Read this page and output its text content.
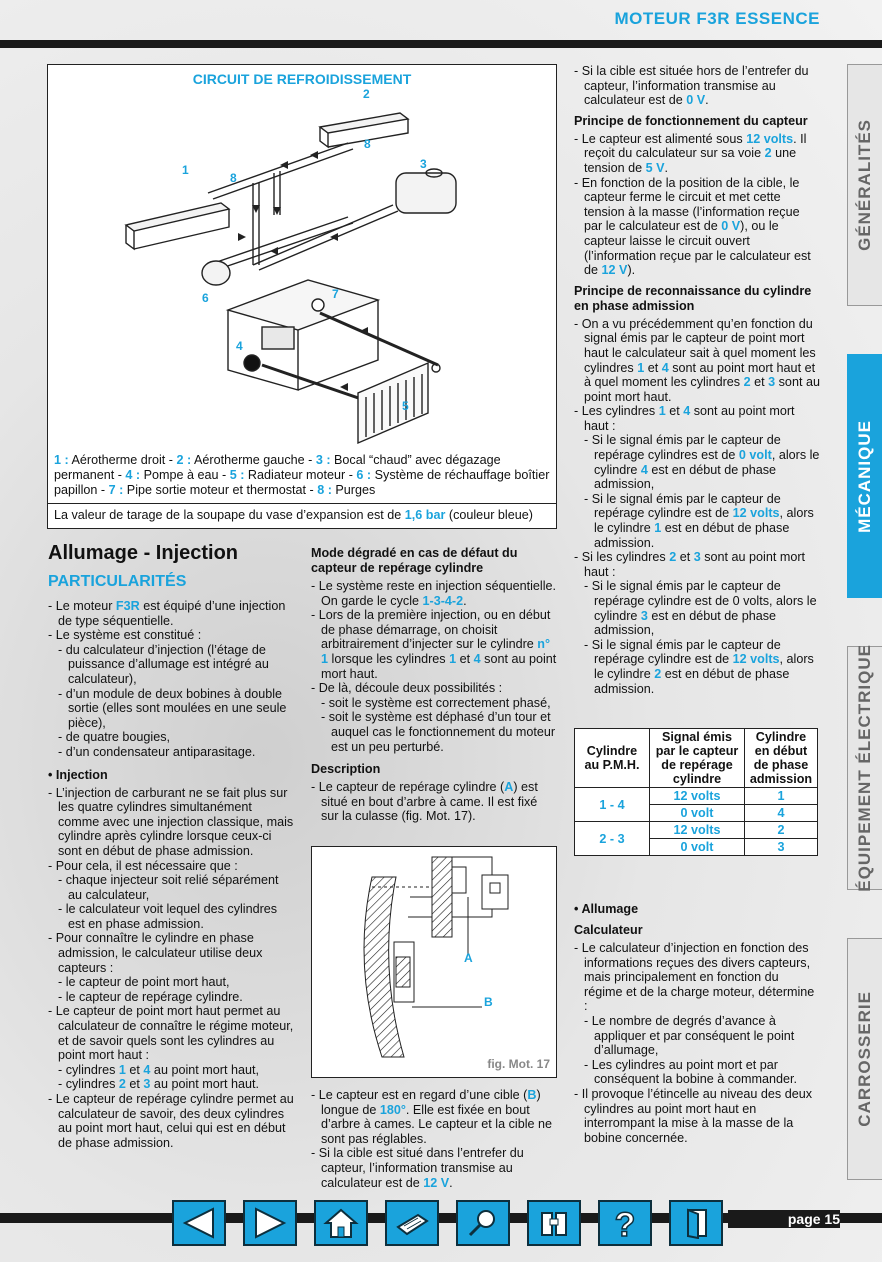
MOTEUR F3R ESSENCE
GÉNÉRALITÉS
MÉCANIQUE
ÉQUIPEMENT ÉLECTRIQUE
CARROSSERIE
CIRCUIT DE REFROIDISSEMENT
2
8
3
1
8
6	7
4
5
1 : Aérotherme droit - 2 : Aérotherme gauche - 3 : Bocal “chaud” avec dégazage permanent - 4 : Pompe à eau - 5 : Radiateur moteur - 6 : Système de réchauffage boîtier papillon - 7 : Pipe sortie moteur et thermostat - 8 : Purges
La valeur de tarage de la soupape du vase d’expansion est de 1,6 bar (couleur bleue)
Allumage - Injection
PARTICULARITÉS

- Le moteur F3R est équipé d’une injection de type séquentielle.

- Le système est constitué :

- du calculateur d’injection (l’étage de puissance d’allumage est intégré au calculateur),

- d’un module de deux bobines à double sortie (elles sont moulées en une seule pièce),

- de quatre bougies,

- d’un condensateur antiparasitage.

• Injection

- L’injection de carburant ne se fait plus sur les quatre cylindres simultanément comme avec une injection classique, mais cylindre après cylindre lorsque ceux-ci sont en début de phase admission.

- Pour cela, il est nécessaire que :

- chaque injecteur soit relié séparément au calculateur,

- le calculateur voit lequel des cylindres est en phase admission.

- Pour connaître le cylindre en phase admission, le calculateur utilise deux capteurs :

- le capteur de point mort haut,

- le capteur de repérage cylindre.

- Le capteur de point mort haut permet au calculateur de connaître le régime moteur, et de savoir quels sont les cylindres au point mort haut :

- cylindres 1 et 4 au point mort haut,

- cylindres 2 et 3 au point mort haut.

- Le capteur de repérage cylindre permet au calculateur de savoir, des deux cylindres au point mort haut, celui qui est en début de phase admission.

Mode dégradé en cas de défaut du capteur de repérage cylindre

- Le système reste en injection séquentielle. On garde le cycle 1-3-4-2.

- Lors de la première injection, ou en début de phase démarrage, on choisit arbitrairement d’injecter sur le cylindre n° 1 lorsque les cylindres 1 et 4 sont au point mort haut.

- De là, découle deux possibilités :

- soit le système est correctement phasé,

- soit le système est déphasé d’un tour et auquel cas le fonctionnement du moteur est un peu perturbé.

Description

- Le capteur de repérage cylindre (A) est situé en bout d’arbre à came. Il est fixé sur la culasse (fig. Mot. 17).

A
B
fig. Mot. 17

- Le capteur est en regard d’une cible (B) longue de 180°. Elle est fixée en bout d’arbre à cames. Le capteur et la cible ne sont pas réglables.

- Si la cible est situé dans l’entrefer du capteur, l’information transmise au calculateur est de 12 V.

- Si la cible est située hors de l’entrefer du capteur, l’information transmise au calculateur est de 0 V.

Principe de fonctionnement du capteur

- Le capteur est alimenté sous 12 volts. Il reçoit du calculateur sur sa voie 2 une tension de 5 V.

- En fonction de la position de la cible, le capteur ferme le circuit et met cette tension à la masse (l’information reçue par le calculateur est de 0 V), ou le capteur laisse le circuit ouvert (l’information reçue par le calculateur est de 12 V).

Principe de reconnaissance du cylindre en phase admission

- On a vu précédemment qu’en fonction du signal émis par le capteur de point mort haut le calculateur sait à quel moment les cylindres 1 et 4 sont au point mort haut et à quel moment les cylindres 2 et 3 sont au point mort haut.

- Les cylindres 1 et 4 sont au point mort haut :

- Si le signal émis par le capteur de repérage cylindres est de 0 volt, alors le cylindre 4 est en début de phase admission,

- Si le signal émis par le capteur de repérage cylindre est de 12 volts, alors le cylindre 1 est en début de phase admission.

- Si les cylindres 2 et 3 sont au point mort haut :

- Si le signal émis par le capteur de repérage cylindre est de 0 volts, alors le cylindre 3 est en début de phase admission,

- Si le signal émis par le capteur de repérage cylindre est de 12 volts, alors le cylindre 2 est en début de phase admission.

Cylindre au P.M.H.	Signal émis par le capteur de repérage cylindre	Cylindre en début de phase admission
1 - 4	12 volts	1
	0 volt	4
2 - 3	12 volts	2
	0 volt	3

• Allumage

Calculateur

- Le calculateur d’injection en fonction des informations reçues des divers capteurs, mais principalement en fonction du régime et de la charge moteur, détermine :

- Le nombre de degrés d’avance à appliquer et par conséquent le point d’allumage,

- Les cylindres au point mort et par conséquent la bobine à commander.

- Il provoque l’étincelle au niveau des deux cylindres au point mort haut en interrompant la mise à la masse de la bobine concernée.

?	page 15
